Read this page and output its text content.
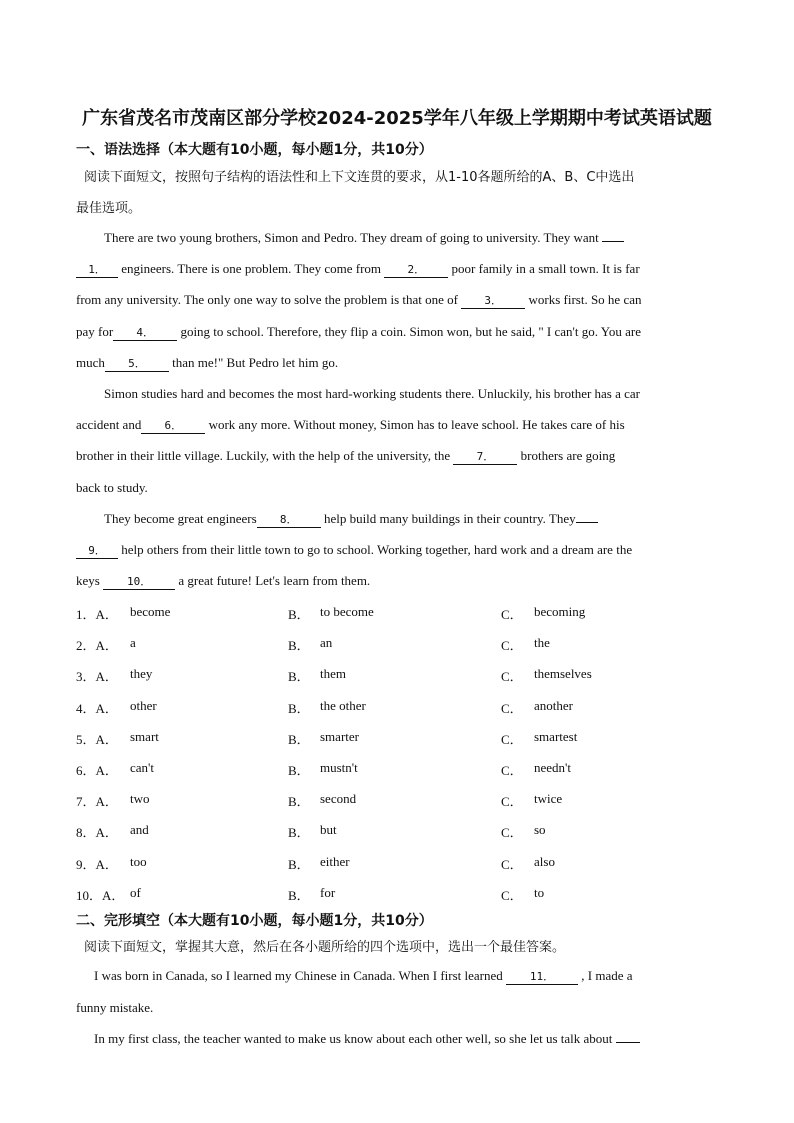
广东省茂名市茂南区部分学校2024-2025学年八年级上学期期中考试英语试题
一、语法选择（本大题有10小题，每小题1分，共10分）
阅读下面短文，按照句子结构的语法性和上下文连贯的要求，从1-10各题所给的A、B、C中选出
最佳选项。
There are two young brothers, Simon and Pedro. They dream of going to university. They want
1． engineers. There is one problem. They come from 2． poor family in a small town. It is far
from any university. The only one way to solve the problem is that one of 3． works first. So he can
pay for 4． going to school. Therefore, they flip a coin. Simon won, but he said, " I can't go. You are
much 5． than me!" But Pedro let him go.
Simon studies hard and becomes the most hard-working students there. Unluckily, his brother has a car
accident and 6． work any more. Without money, Simon has to leave school. He takes care of his
brother in their little village. Luckily, with the help of the university, the 7． brothers are going
back to study.
They become great engineers 8． help build many buildings in their country. They
9． help others from their little town to go to school. Working together, hard work and a dream are the
keys 10． a great future! Let's learn from them.
1．A． become	B． to become	C． becoming
2．A． a	B． an	C． the
3．A． they	B． them	C． themselves
4．A． other	B． the other	C． another
5．A． smart	B． smarter	C． smartest
6．A． can't	B． mustn't	C． needn't
7．A． two	B． second	C． twice
8．A． and	B． but	C． so
9．A． too	B． either	C． also
10．A． of	B． for	C． to
二、完形填空（本大题有10小题，每小题1分，共10分）
阅读下面短文，掌握其大意，然后在各小题所给的四个选项中，选出一个最佳答案。
I was born in Canada, so I learned my Chinese in Canada. When I first learned 11． , I made a
funny mistake.
In my first class, the teacher wanted to make us know about each other well, so she let us talk about
